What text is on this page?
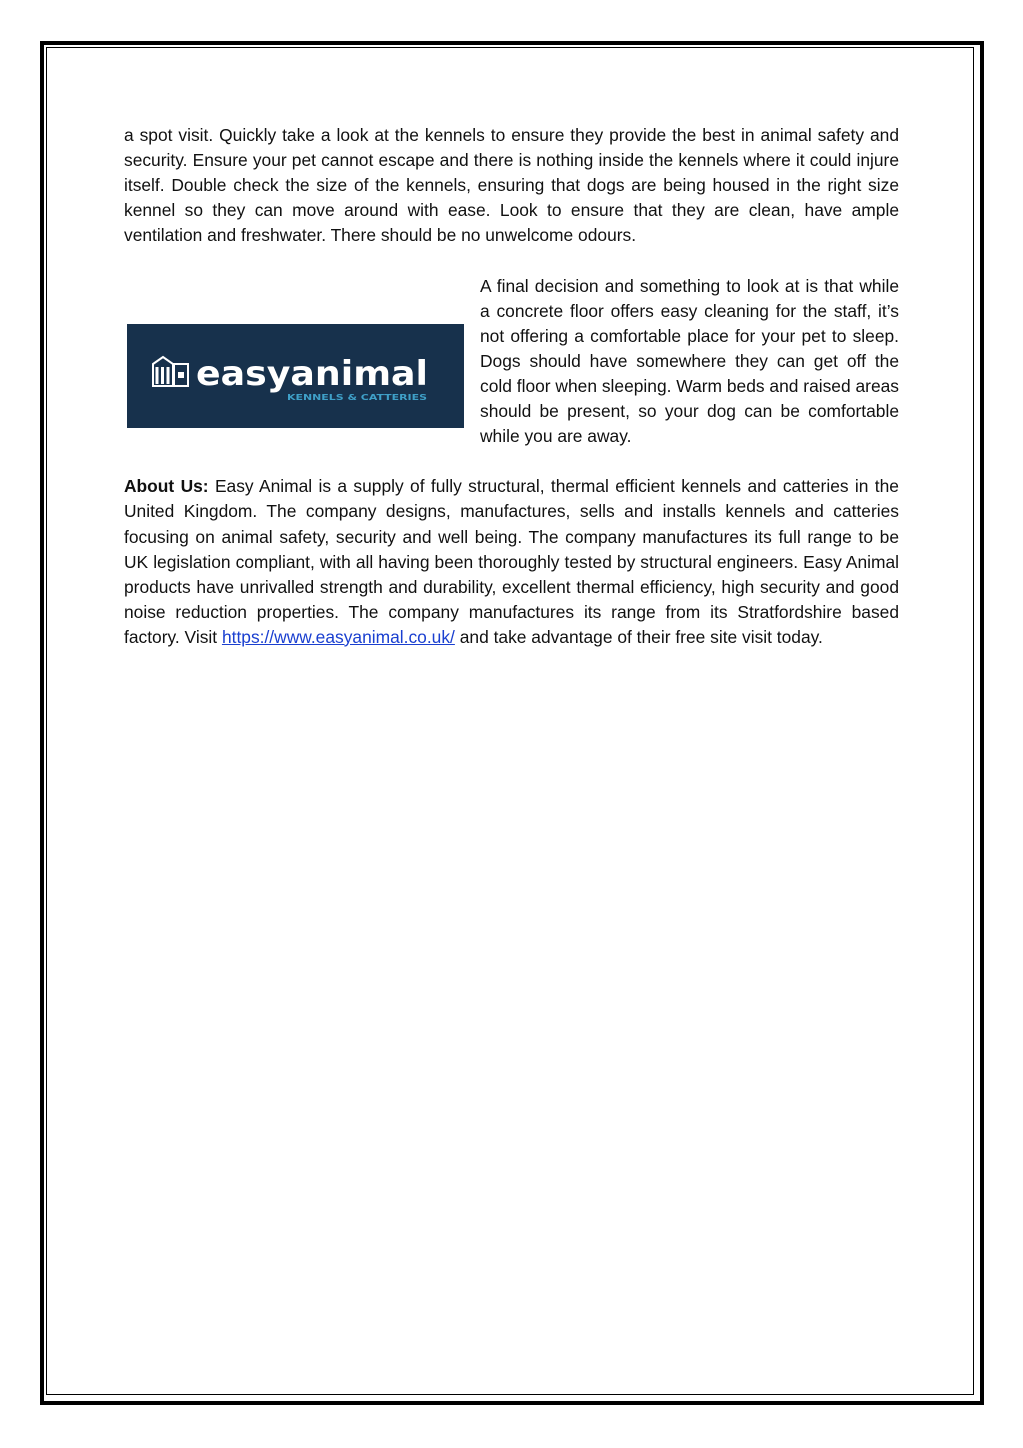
a spot visit. Quickly take a look at the kennels to ensure they provide the best in animal safety and security. Ensure your pet cannot escape and there is nothing inside the kennels where it could injure itself. Double check the size of the kennels, ensuring that dogs are being housed in the right size kennel so they can move around with ease. Look to ensure that they are clean, have ample ventilation and freshwater. There should be no unwelcome odours.

easyanimal
KENNELS & CATTERIES

A final decision and something to look at is that while a concrete floor offers easy cleaning for the staff, it’s not offering a comfortable place for your pet to sleep. Dogs should have somewhere they can get off the cold floor when sleeping. Warm beds and raised areas should be present, so your dog can be comfortable while you are away.

About Us: Easy Animal is a supply of fully structural, thermal efficient kennels and catteries in the United Kingdom. The company designs, manufactures, sells and installs kennels and catteries focusing on animal safety, security and well being. The company manufactures its full range to be UK legislation compliant, with all having been thoroughly tested by structural engineers. Easy Animal products have unrivalled strength and durability, excellent thermal efficiency, high security and good noise reduction properties. The company manufactures its range from its Stratfordshire based factory. Visit https://www.easyanimal.co.uk/ and take advantage of their free site visit today.
